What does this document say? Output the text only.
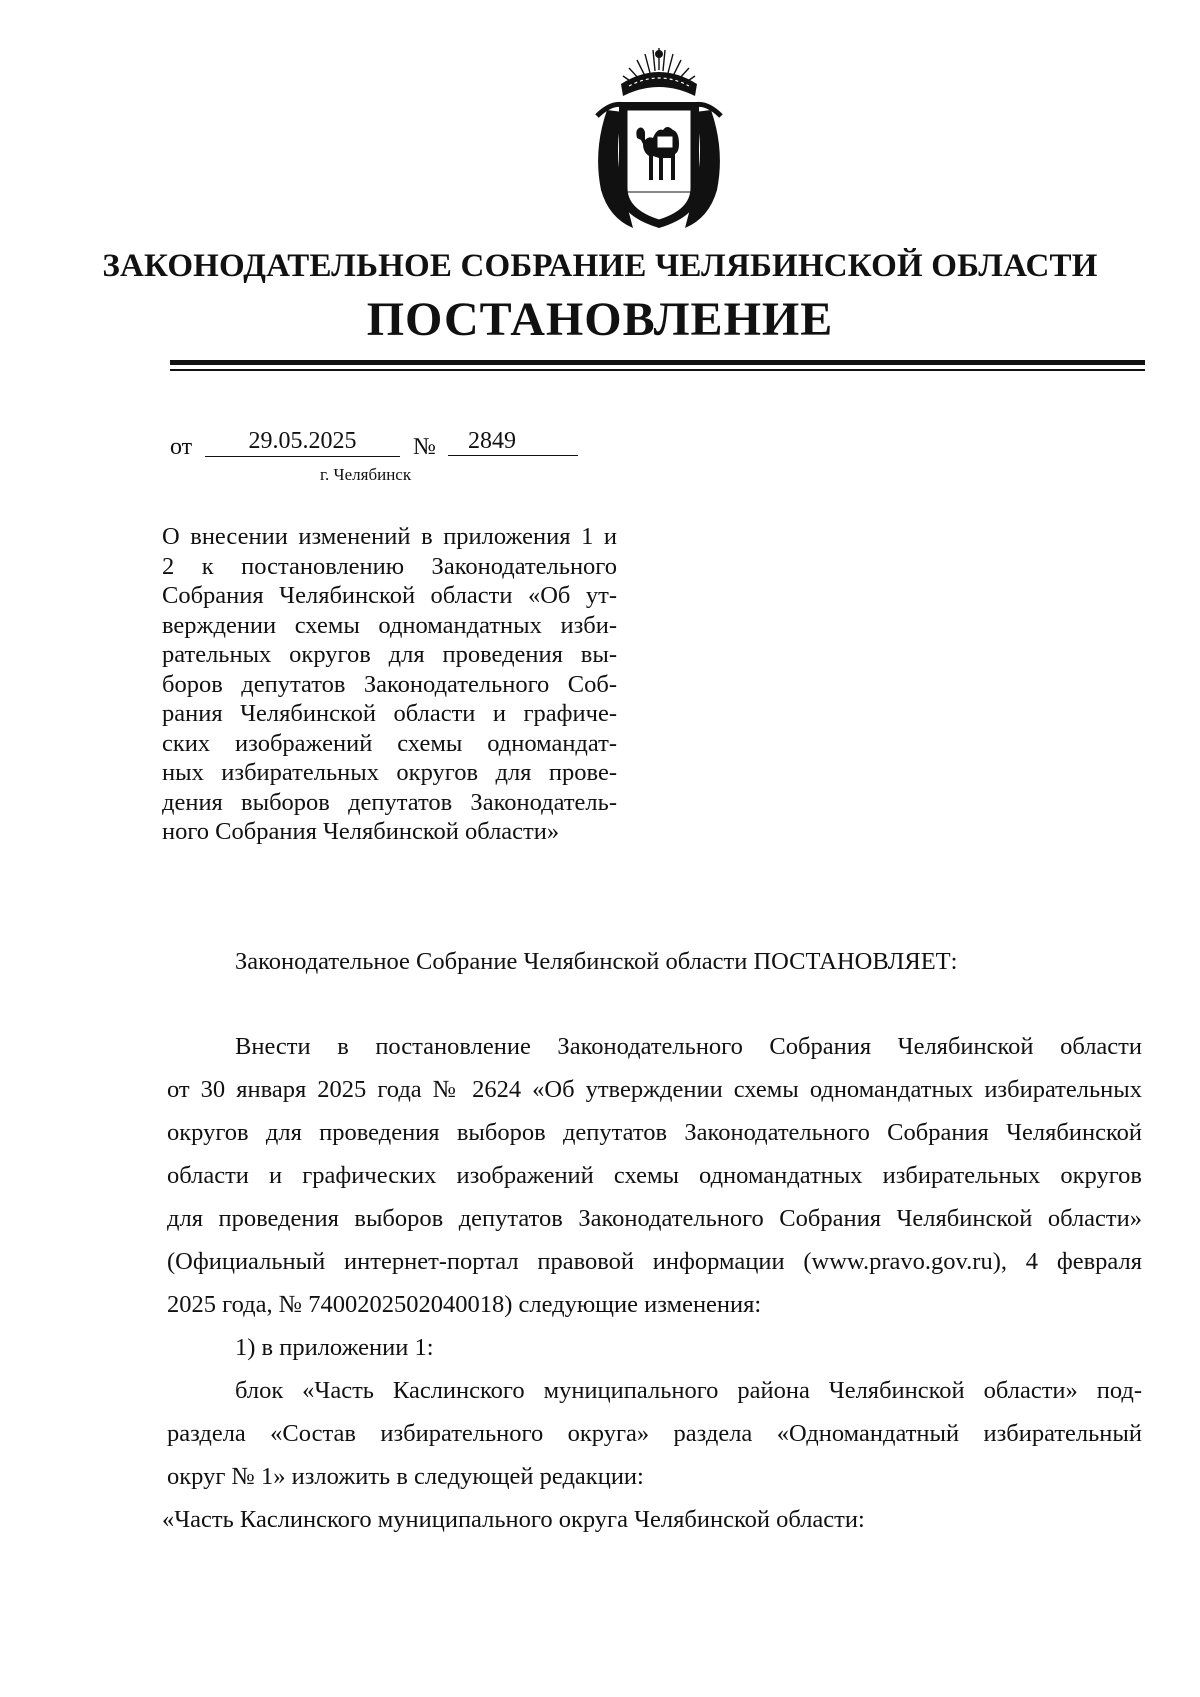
ЗАКОНОДАТЕЛЬНОЕ СОБРАНИЕ ЧЕЛЯБИНСКОЙ ОБЛАСТИ
ПОСТАНОВЛЕНИЕ
от	29.05.2025	№	2849
г. Челябинск
О внесении изменений в приложения 1 и
2 к постановлению Законодательного
Собрания Челябинской области «Об ут-
верждении схемы одномандатных изби-
рательных округов для проведения вы-
боров депутатов Законодательного Соб-
рания Челябинской области и графиче-
ских изображений схемы одномандат-
ных избирательных округов для прове-
дения выборов депутатов Законодатель-
ного Собрания Челябинской области»
Законодательное Собрание Челябинской области ПОСТАНОВЛЯЕТ:
Внести в постановление Законодательного Собрания Челябинской области
от 30 января 2025 года № 2624 «Об утверждении схемы одномандатных избирательных
округов для проведения выборов депутатов Законодательного Собрания Челябинской
области и графических изображений схемы одномандатных избирательных округов
для проведения выборов депутатов Законодательного Собрания Челябинской области»
(Официальный интернет-портал правовой информации (www.pravo.gov.ru), 4 февраля
2025 года, № 7400202502040018) следующие изменения:
1) в приложении 1:
блок «Часть Каслинского муниципального района Челябинской области» под-
раздела «Состав избирательного округа» раздела «Одномандатный избирательный
округ № 1» изложить в следующей редакции:
«Часть Каслинского муниципального округа Челябинской области:
